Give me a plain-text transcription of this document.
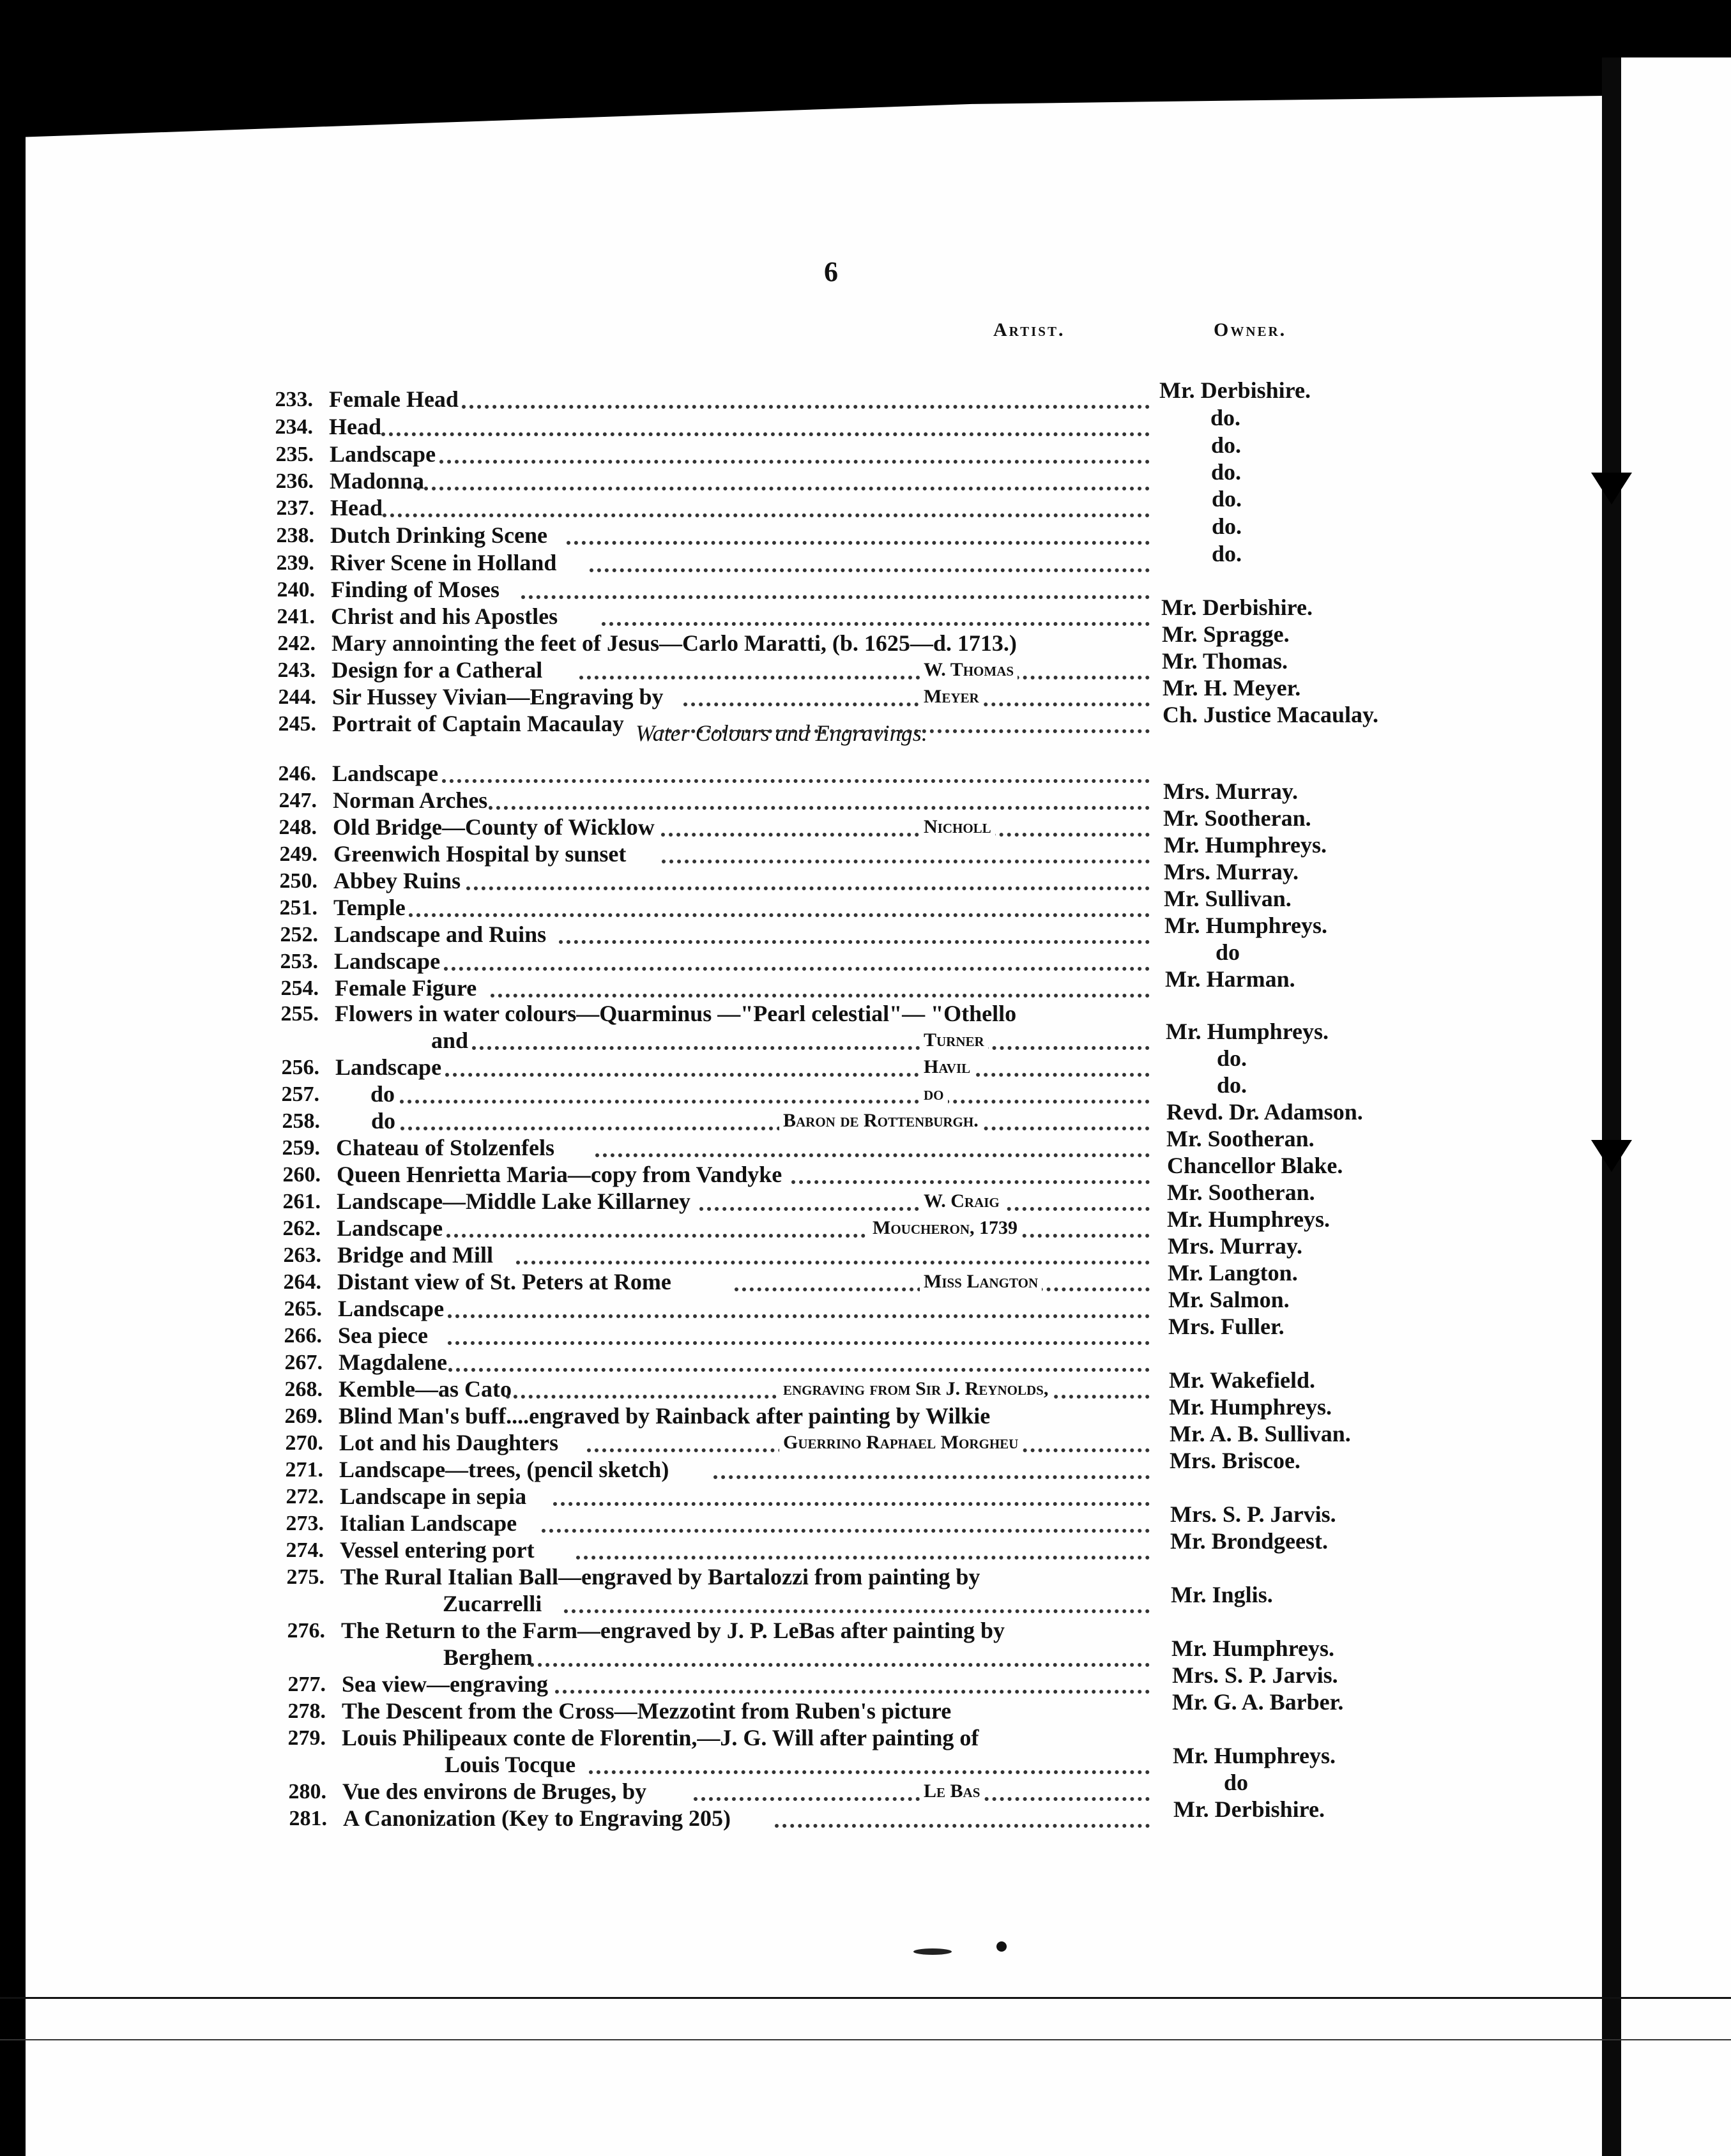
6
Artist.	Owner.
Water Colours and Engravings.
233. Female Head	Mr. Derbishire.
234. Head	do.
235. Landscape	do.
236. Madonna	do.
237. Head	do.
238. Dutch Drinking Scene	do.
239. River Scene in Holland	do.
240. Finding of Moses
241. Christ and his Apostles	Mr. Derbishire.
242. Mary annointing the feet of Jesus—Carlo Maratti, (b. 1625—d. 1713.)	Mr. Spragge.
243. Design for a Catheral	W. Thomas	Mr. Thomas.
244. Sir Hussey Vivian—Engraving by	Meyer	Mr. H. Meyer.
245. Portrait of Captain Macaulay	Ch. Justice Macaulay.
246. Landscape
247. Norman Arches	Mrs. Murray.
248. Old Bridge—County of Wicklow	Nicholl	Mr. Sootheran.
249. Greenwich Hospital by sunset	Mr. Humphreys.
250. Abbey Ruins	Mrs. Murray.
251. Temple	Mr. Sullivan.
252. Landscape and Ruins	Mr. Humphreys.
253. Landscape	do
254. Female Figure	Mr. Harman.
255. Flowers in water colours—Quarminus —"Pearl celestial"— "Othello
and	Turner	Mr. Humphreys.
256. Landscape	Havil	do.
257. do	do	do.
258. do	Baron de Rottenburgh.	Revd. Dr. Adamson.
259. Chateau of Stolzenfels	Mr. Sootheran.
260. Queen Henrietta Maria—copy from Vandyke	Chancellor Blake.
261. Landscape—Middle Lake Killarney	W. Craig	Mr. Sootheran.
262. Landscape	Moucheron, 1739	Mr. Humphreys.
263. Bridge and Mill	Mrs. Murray.
264. Distant view of St. Peters at Rome	Miss Langton	Mr. Langton.
265. Landscape	Mr. Salmon.
266. Sea piece	Mrs. Fuller.
267. Magdalene
268. Kemble—as Cato	engraving from Sir J. Reynolds,	Mr. Wakefield.
269. Blind Man's buff....engraved by Rainback after painting by Wilkie	Mr. Humphreys.
270. Lot and his Daughters	Guerrino Raphael Morgheu	Mr. A. B. Sullivan.
271. Landscape—trees, (pencil sketch)	Mrs. Briscoe.
272. Landscape in sepia
273. Italian Landscape	Mrs. S. P. Jarvis.
274. Vessel entering port	Mr. Brondgeest.
275. The Rural Italian Ball—engraved by Bartalozzi from painting by
Zucarrelli	Mr. Inglis.
276. The Return to the Farm—engraved by J. P. LeBas after painting by
Berghem	Mr. Humphreys.
277. Sea view—engraving	Mrs. S. P. Jarvis.
278. The Descent from the Cross—Mezzotint from Ruben's picture	Mr. G. A. Barber.
279. Louis Philipeaux conte de Florentin,—J. G. Will after painting of
Louis Tocque	Mr. Humphreys.
280. Vue des environs de Bruges, by	Le Bas	do
281. A Canonization (Key to Engraving 205)	Mr. Derbishire.
